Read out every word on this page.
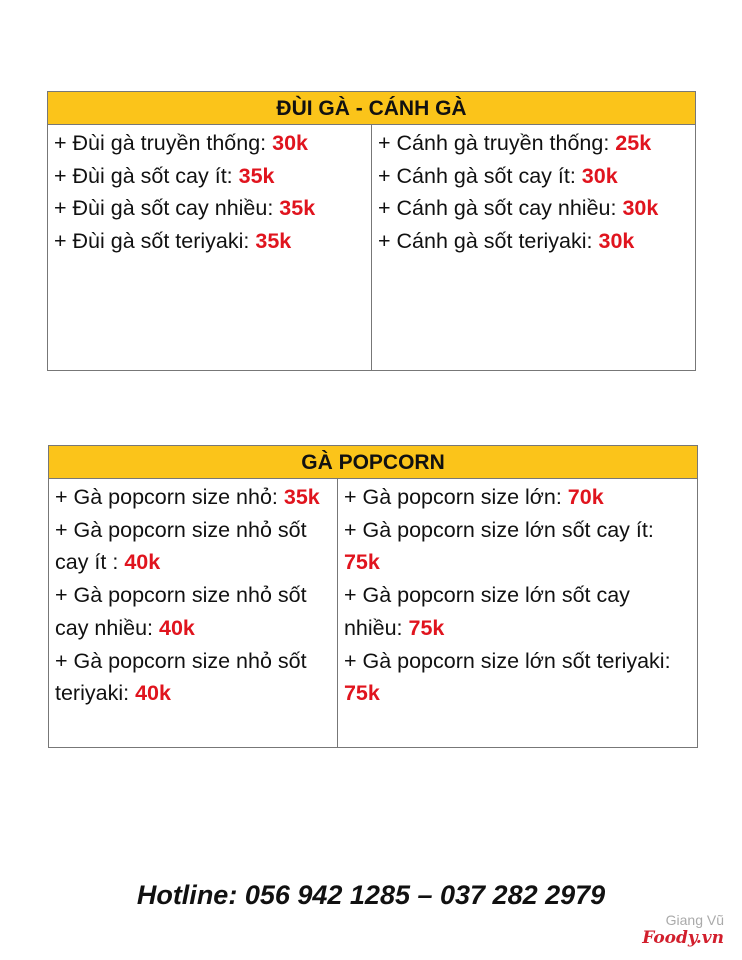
ĐÙI GÀ - CÁNH GÀ
+ Đùi gà truyền thống: 30k
+ Đùi gà sốt cay ít: 35k
+ Đùi gà sốt cay nhiều: 35k
+ Đùi gà sốt teriyaki: 35k
+ Cánh gà truyền thống: 25k
+ Cánh gà sốt cay ít: 30k
+ Cánh gà sốt cay nhiều: 30k
+ Cánh gà sốt teriyaki: 30k
GÀ POPCORN
+ Gà popcorn size nhỏ: 35k
+ Gà popcorn size nhỏ sốt cay ít : 40k
+ Gà popcorn size nhỏ sốt cay nhiều: 40k
+ Gà popcorn size nhỏ sốt teriyaki: 40k
+ Gà popcorn size lớn: 70k
+ Gà popcorn size lớn sốt cay ít: 75k
+ Gà popcorn size lớn sốt cay nhiều: 75k
+ Gà popcorn size lớn sốt teriyaki: 75k
Hotline: 056 942 1285 – 037 282 2979
Giang Vũ
Foody.vn
